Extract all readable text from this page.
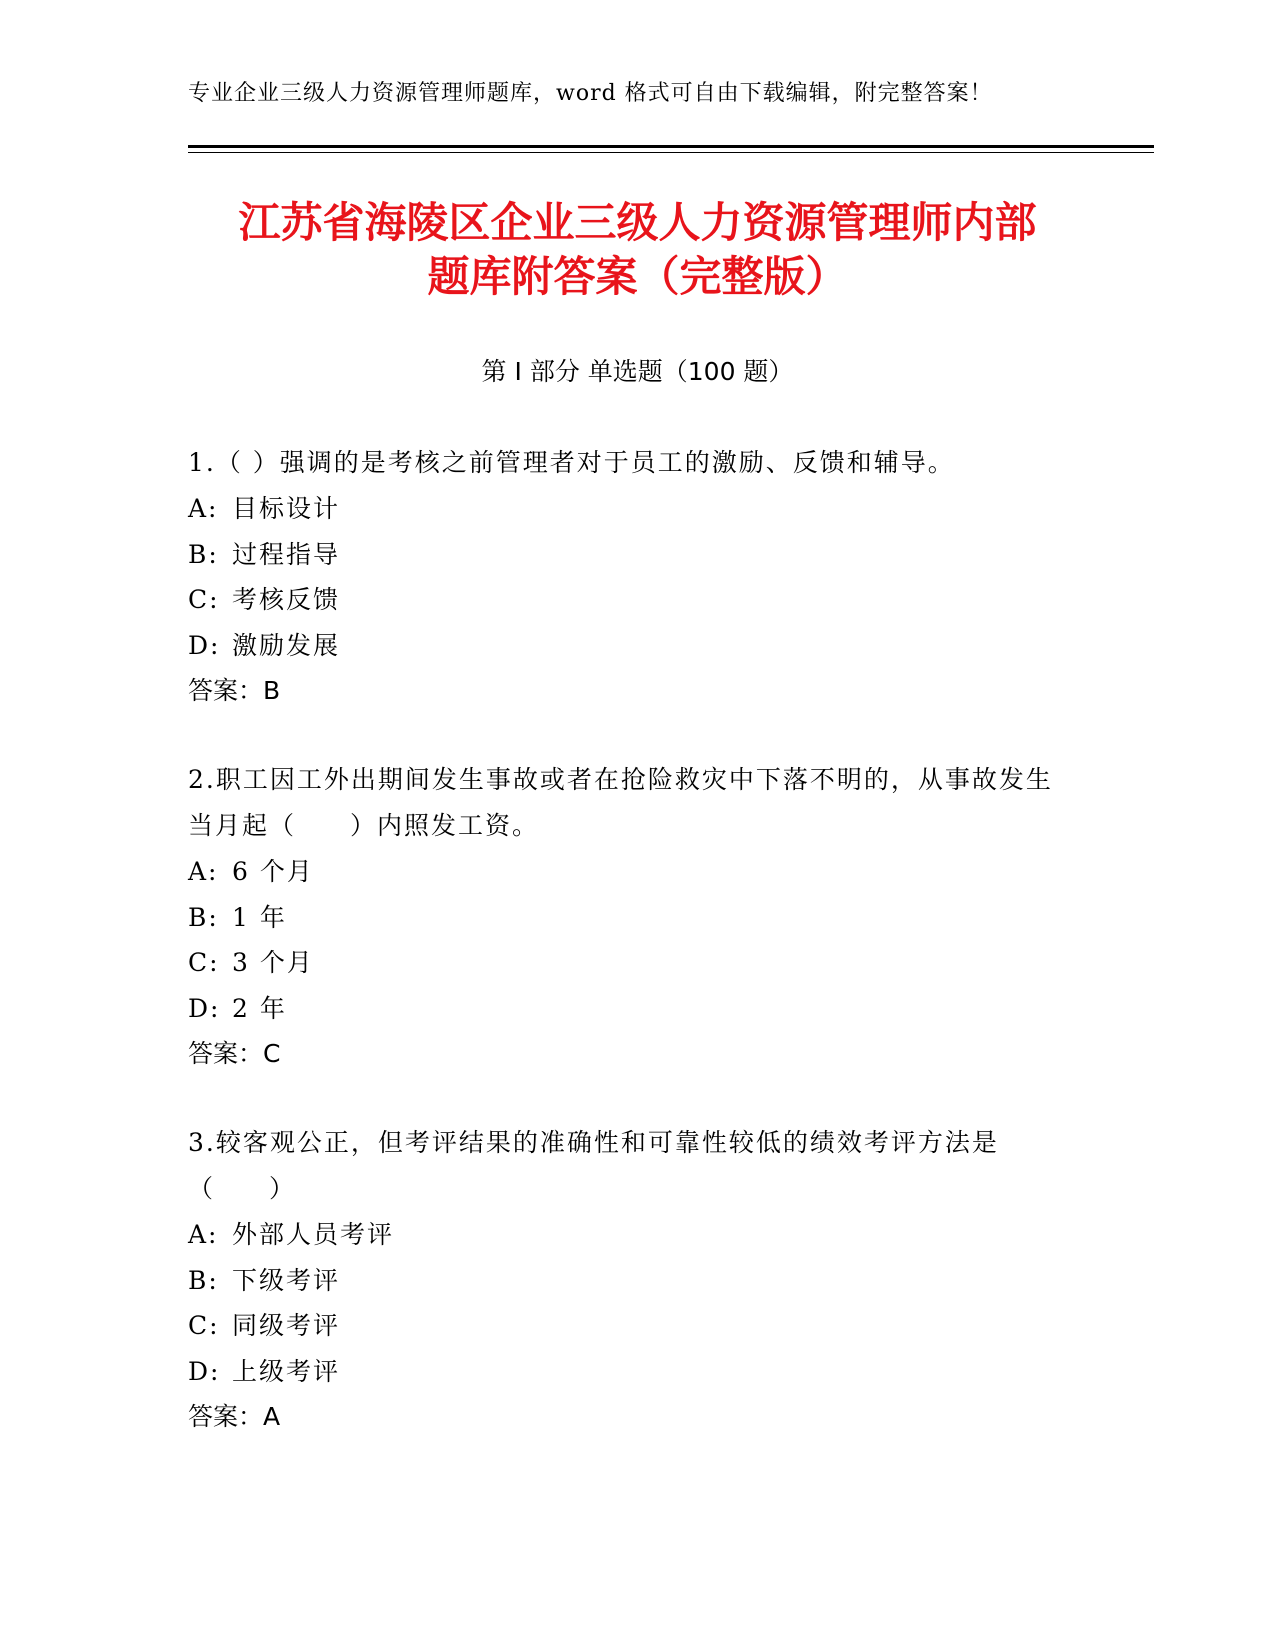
专业企业三级人力资源管理师题库，word 格式可自由下载编辑，附完整答案！
江苏省海陵区企业三级人力资源管理师内部
题库附答案（完整版）
第 I 部分 单选题（100 题）
1.（ ）强调的是考核之前管理者对于员工的激励、反馈和辅导。
A: 目标设计
B: 过程指导
C: 考核反馈
D: 激励发展
答案：B
2.职工因工外出期间发生事故或者在抢险救灾中下落不明的，从事故发生当月起（　　）内照发工资。
A: 6 个月
B: 1 年
C: 3 个月
D: 2 年
答案：C
3.较客观公正，但考评结果的准确性和可靠性较低的绩效考评方法是（　　）
A: 外部人员考评
B: 下级考评
C: 同级考评
D: 上级考评
答案：A
